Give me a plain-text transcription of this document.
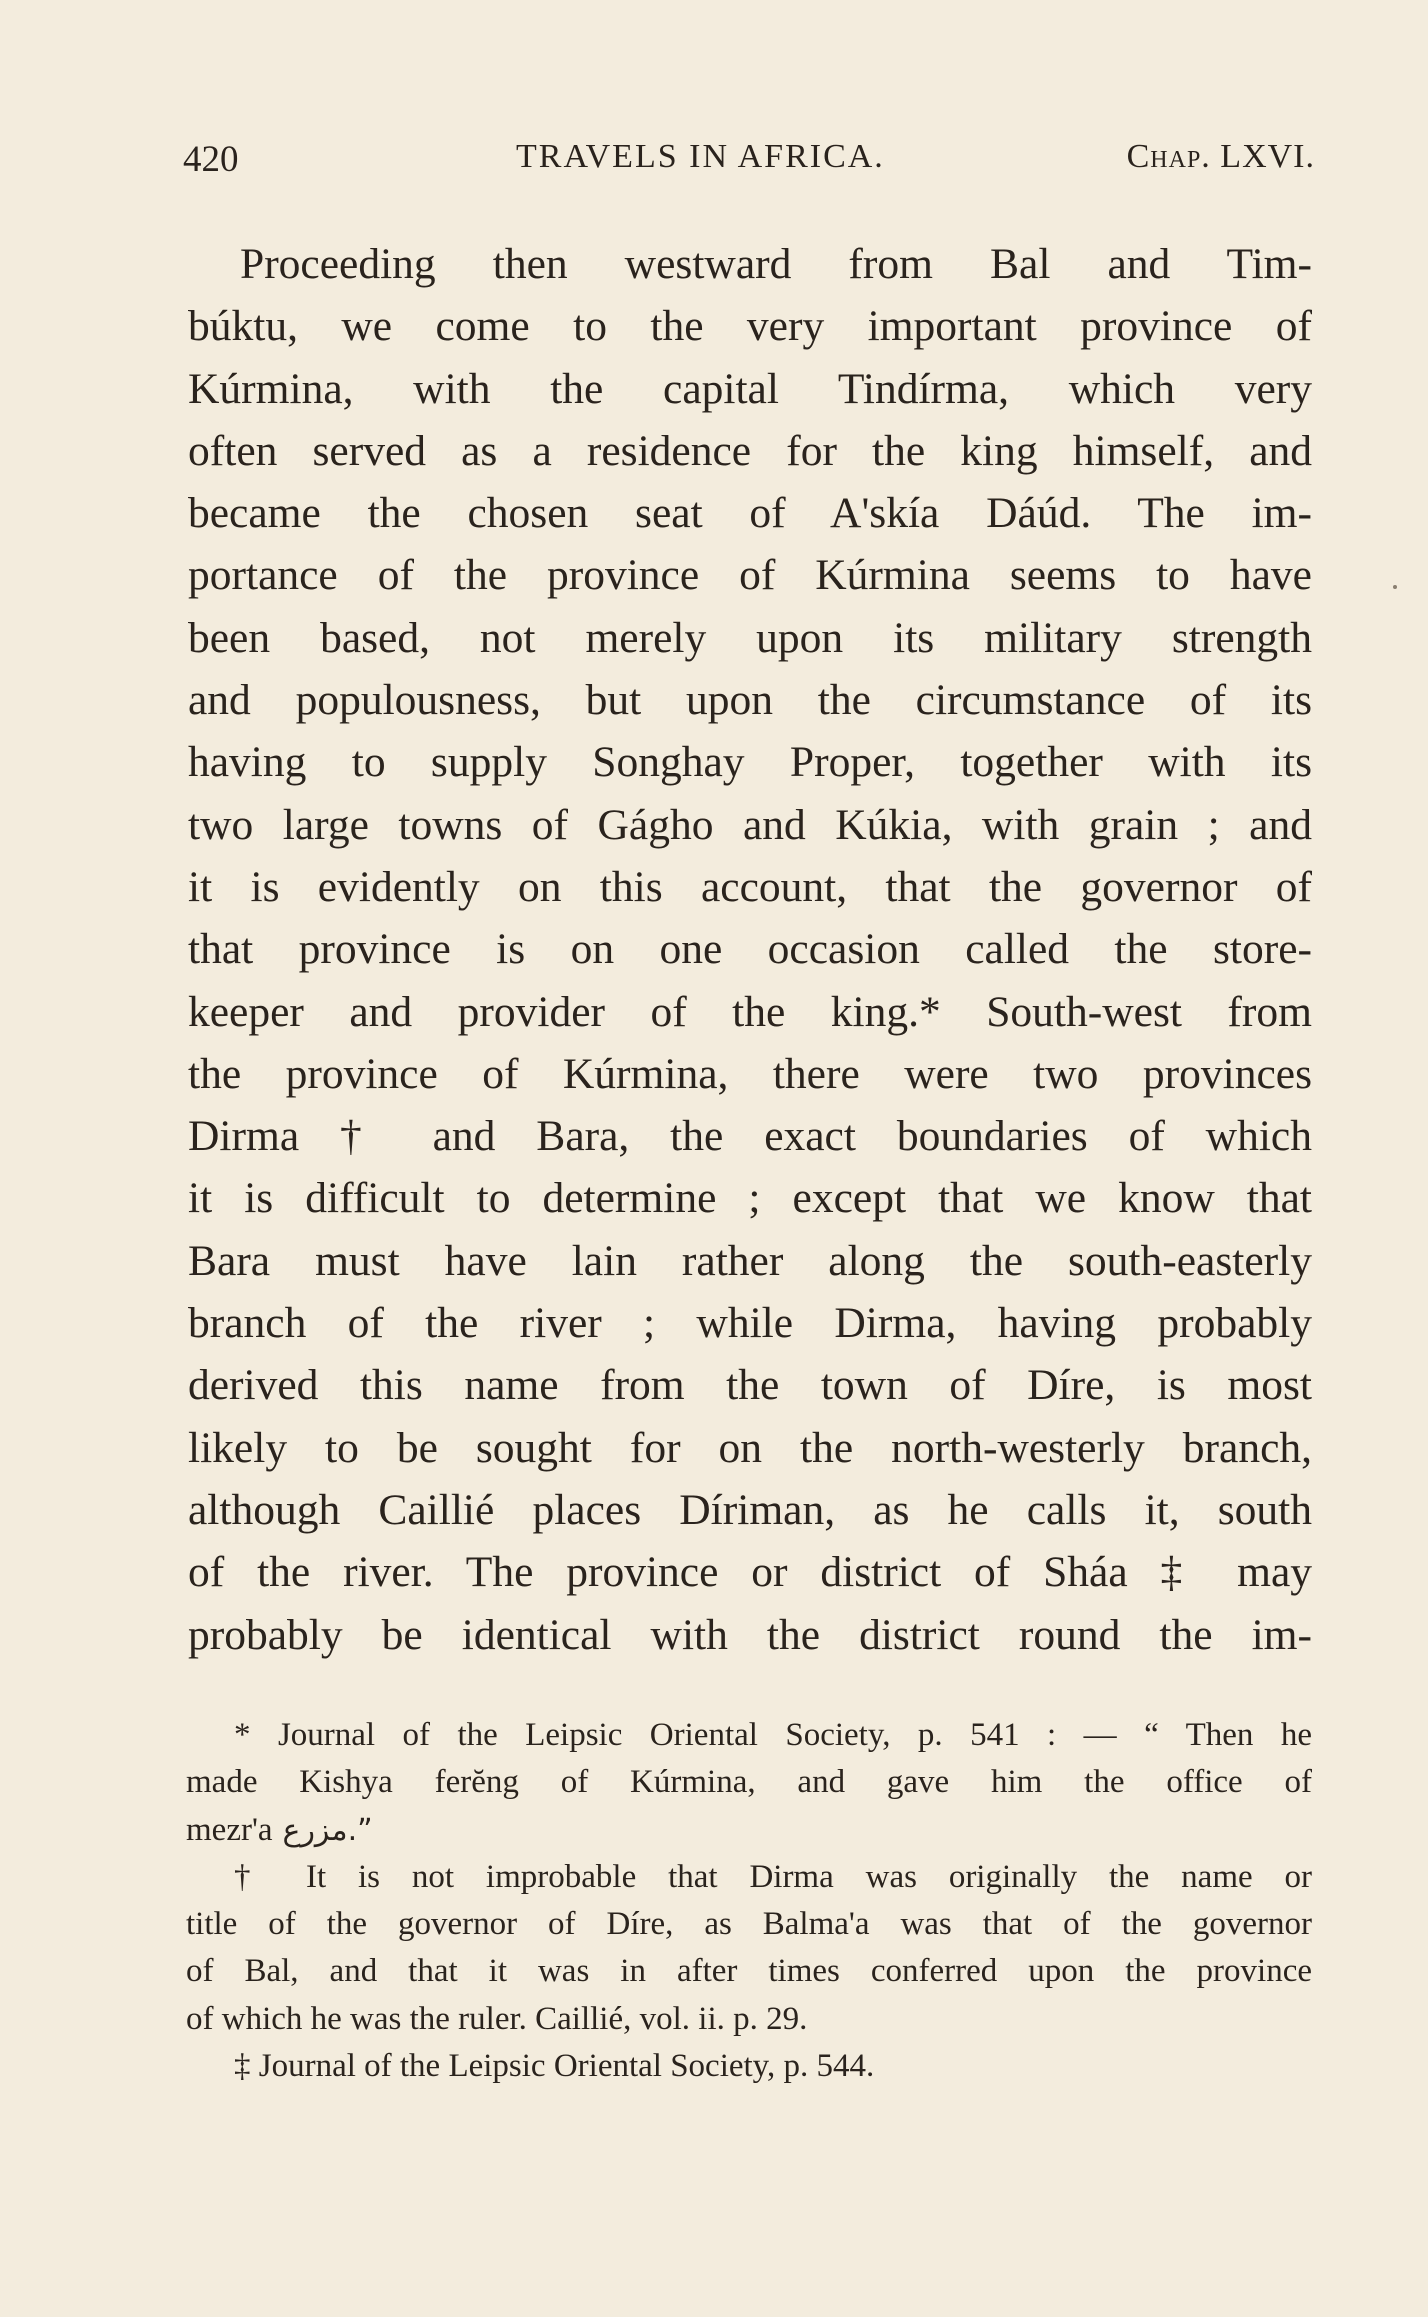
420	TRAVELS IN AFRICA.	Chap. LXVI.
Proceeding then westward from Bal and Tim-
búktu, we come to the very important province of
Kúrmina, with the capital Tindírma, which very
often served as a residence for the king himself, and
became the chosen seat of A'skía Dáúd. The im-
portance of the province of Kúrmina seems to have
been based, not merely upon its military strength
and populousness, but upon the circumstance of its
having to supply Songhay Proper, together with its
two large towns of Gágho and Kúkia, with grain ; and
it is evidently on this account, that the governor of
that province is on one occasion called the store-
keeper and provider of the king.* South-west from
the province of Kúrmina, there were two provinces
Dirma † and Bara, the exact boundaries of which
it is difficult to determine ; except that we know that
Bara must have lain rather along the south-easterly
branch of the river ; while Dirma, having probably
derived this name from the town of Díre, is most
likely to be sought for on the north-westerly branch,
although Caillié places Díriman, as he calls it, south
of the river. The province or district of Sháa ‡ may
probably be identical with the district round the im-
* Journal of the Leipsic Oriental Society, p. 541 : — “ Then he
made Kishya ferĕng of Kúrmina, and gave him the office of
mezr'a مزرع.”
† It is not improbable that Dirma was originally the name or
title of the governor of Díre, as Balma'a was that of the governor
of Bal, and that it was in after times conferred upon the province
of which he was the ruler. Caillié, vol. ii. p. 29.
‡ Journal of the Leipsic Oriental Society, p. 544.
